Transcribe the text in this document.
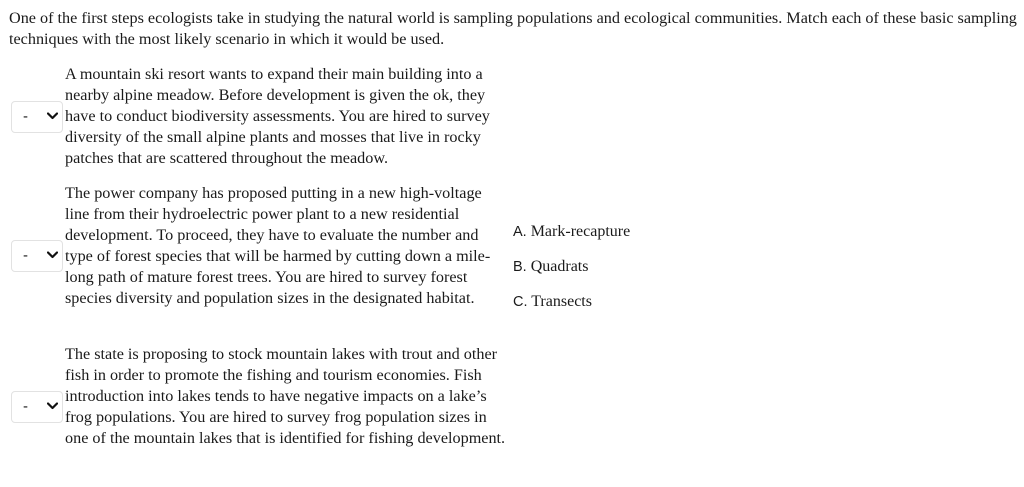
One of the first steps ecologists take in studying the natural world is sampling populations and ecological communities. Match each of these basic sampling techniques with the most likely scenario in which it would be used.

-

A mountain ski resort wants to expand their main building into a nearby alpine meadow. Before development is given the ok, they have to conduct biodiversity assessments. You are hired to survey diversity of the small alpine plants and mosses that live in rocky patches that are scattered throughout the meadow.

-

The power company has proposed putting in a new high-voltage line from their hydroelectric power plant to a new residential development. To proceed, they have to evaluate the number and type of forest species that will be harmed by cutting down a mile-long path of mature forest trees. You are hired to survey forest species diversity and population sizes in the designated habitat.

-

The state is proposing to stock mountain lakes with trout and other fish in order to promote the fishing and tourism economies. Fish introduction into lakes tends to have negative impacts on a lake’s frog populations. You are hired to survey frog population sizes in one of the mountain lakes that is identified for fishing development.

A. Mark-recapture
B. Quadrats
C. Transects
